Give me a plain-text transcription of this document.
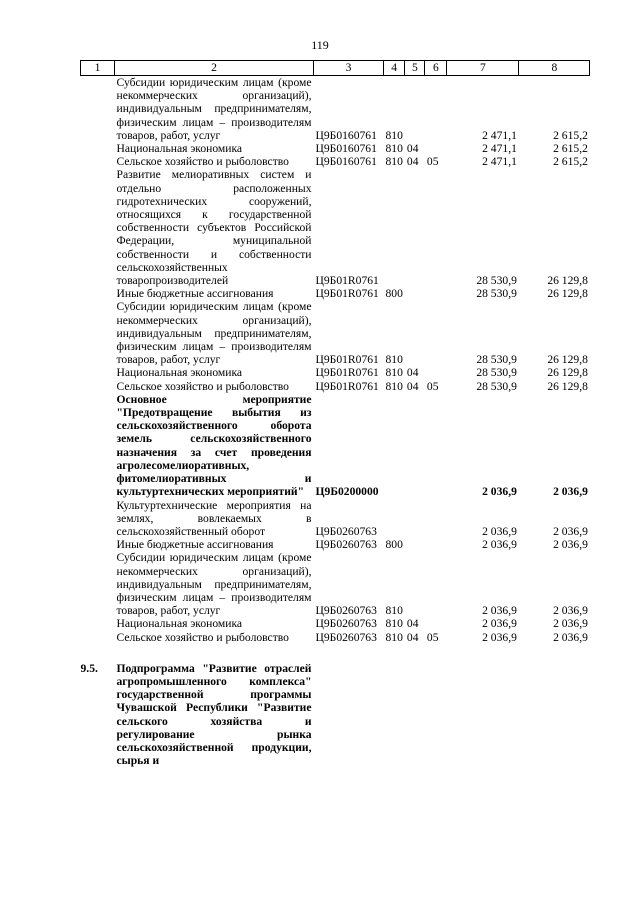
119
1	2	3	4	5	6	7	8
	Субсидии юридическим лицам (кроме некоммерческих организаций), индивидуальным предпринимателям, физическим лицам – производителям товаров, работ, услуг	Ц9Б0160761	810			2 471,1	2 615,2
	Национальная экономика	Ц9Б0160761	810	04		2 471,1	2 615,2
	Сельское хозяйство и рыболовство	Ц9Б0160761	810	04	05	2 471,1	2 615,2
	Развитие мелиоративных систем и отдельно расположенных гидротехнических сооружений, относящихся к государственной собственности субъектов Российской Федерации, муниципальной собственности и собственности сельскохозяйственных товаропроизводителей	Ц9Б01R0761				28 530,9	26 129,8
	Иные бюджетные ассигнования	Ц9Б01R0761	800			28 530,9	26 129,8
	Субсидии юридическим лицам (кроме некоммерческих организаций), индивидуальным предпринимателям, физическим лицам – производителям товаров, работ, услуг	Ц9Б01R0761	810			28 530,9	26 129,8
	Национальная экономика	Ц9Б01R0761	810	04		28 530,9	26 129,8
	Сельское хозяйство и рыболовство	Ц9Б01R0761	810	04	05	28 530,9	26 129,8
	Основное мероприятие "Предотвращение выбытия из сельскохозяйственного оборота земель сельскохозяйственного назначения за счет проведения агролесомелиоративных, фитомелиоративных и культуртехнических мероприятий"	Ц9Б0200000				2 036,9	2 036,9
	Культуртехнические мероприятия на землях, вовлекаемых в сельскохозяйственный оборот	Ц9Б0260763				2 036,9	2 036,9
	Иные бюджетные ассигнования	Ц9Б0260763	800			2 036,9	2 036,9
	Субсидии юридическим лицам (кроме некоммерческих организаций), индивидуальным предпринимателям, физическим лицам – производителям товаров, работ, услуг	Ц9Б0260763	810			2 036,9	2 036,9
	Национальная экономика	Ц9Б0260763	810	04		2 036,9	2 036,9
	Сельское хозяйство и рыболовство	Ц9Б0260763	810	04	05	2 036,9	2 036,9

9.5.	Подпрограмма "Развитие отраслей агропромышленного комплекса" государственной программы Чувашской Республики "Развитие сельского хозяйства и регулирование рынка сельскохозяйственной продукции, сырья и						
